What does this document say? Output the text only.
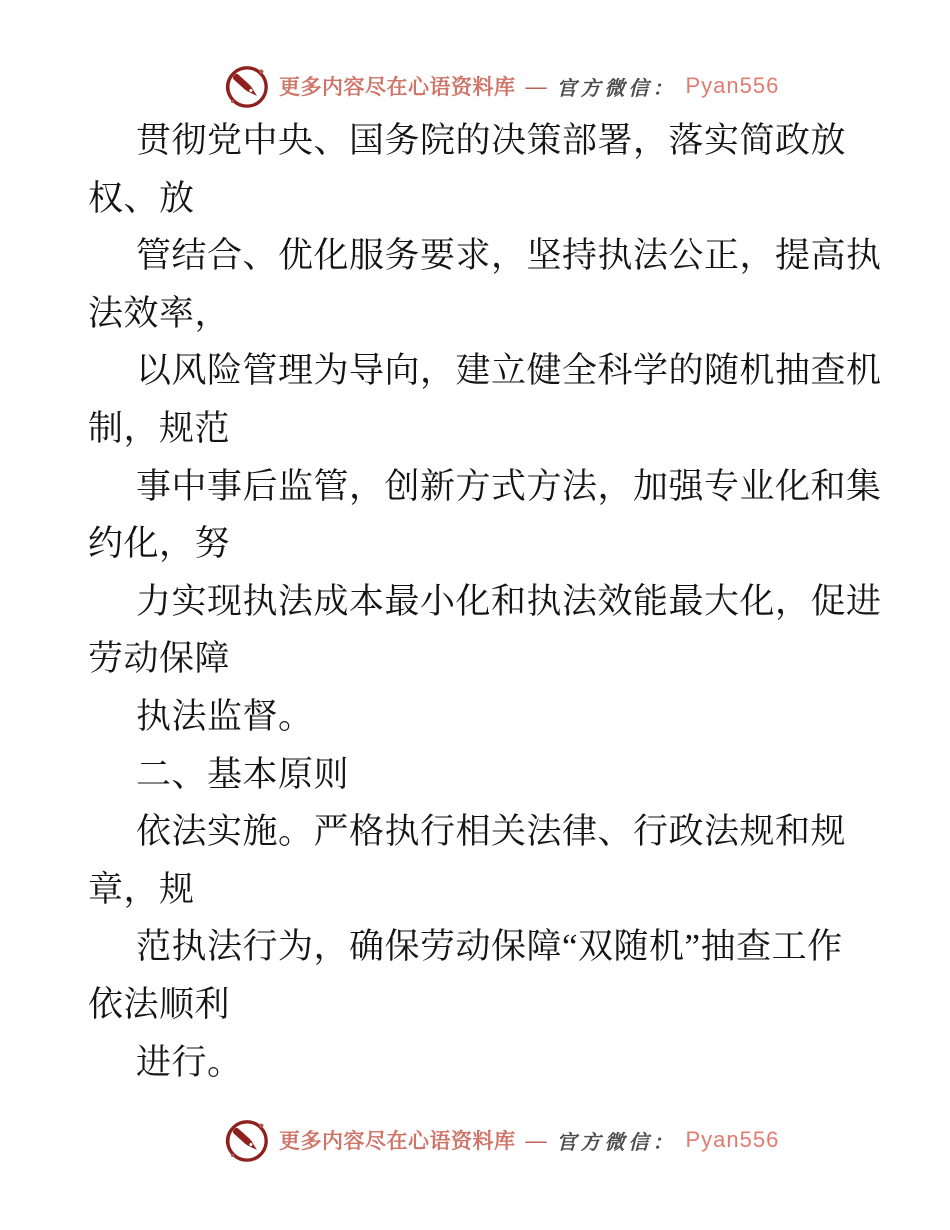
更多内容尽在心语资料库 — 官方微信： Pyan556
贯彻党中央、国务院的决策部署，落实简政放
权、放
管结合、优化服务要求，坚持执法公正，提高执
法效率，
以风险管理为导向，建立健全科学的随机抽查机
制，规范
事中事后监管，创新方式方法，加强专业化和集
约化，努
力实现执法成本最小化和执法效能最大化，促进
劳动保障
执法监督。
二、基本原则
依法实施。严格执行相关法律、行政法规和规
章，规
范执法行为，确保劳动保障“双随机”抽查工作
依法顺利
进行。
更多内容尽在心语资料库 — 官方微信： Pyan556
